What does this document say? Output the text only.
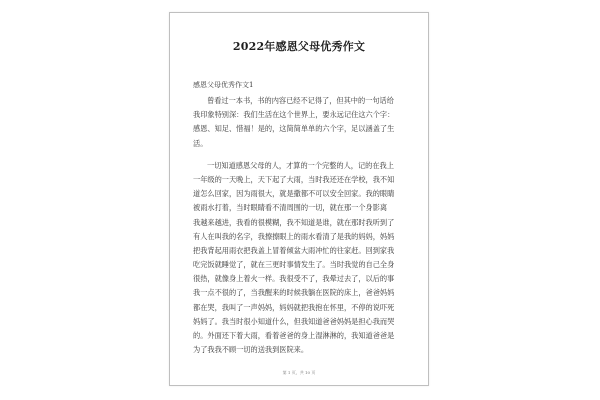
2022年感恩父母优秀作文
感恩父母优秀作文1
曾看过一本书，书的内容已经不记得了，但其中的一句话给
我印象特别深：我们生活在这个世界上，要永远记住这六个字：
感恩、知足、惜福！是的，这简简单单的六个字，足以涵盖了生
活。
一切知道感恩父母的人，才算的一个完整的人，记的在我上
一年级的一天晚上，天下起了大雨，当时我还还在学校，我不知
道怎么回家，因为雨很大，就是撒都不可以安全回家。我的眼睛
被雨水打着，当时眼睛看不清周围的一切，就在那一个身影离
我越来越进，我看的很模糊，我不知道是谁，就在那时我听到了
有人在叫我的名字，我擦擦眼上的雨水看清了是我的妈妈，妈妈
把我背起用雨衣把我盖上冒着倾盆大雨冲忙的往家赶。回到家我
吃完饭就睡觉了，就在三更时事情发生了。当时我觉的自己全身
很热，就像身上着火一样。我很受不了，我晕过去了，以后的事
我一点不很的了，当我醒来的时候我躺在医院的床上，爸爸妈妈
都在哭，我叫了一声妈妈，妈妈就把我抱在怀里，不停的说吓死
妈妈了。我当时很小知道什么，但我知道爸爸妈妈是担心我而哭
的。外面还下着大雨，看着爸爸的身上湿淋淋的，我知道爸爸是
为了我我不顾一切的送我到医院来。
第 1 页，共 10 页
